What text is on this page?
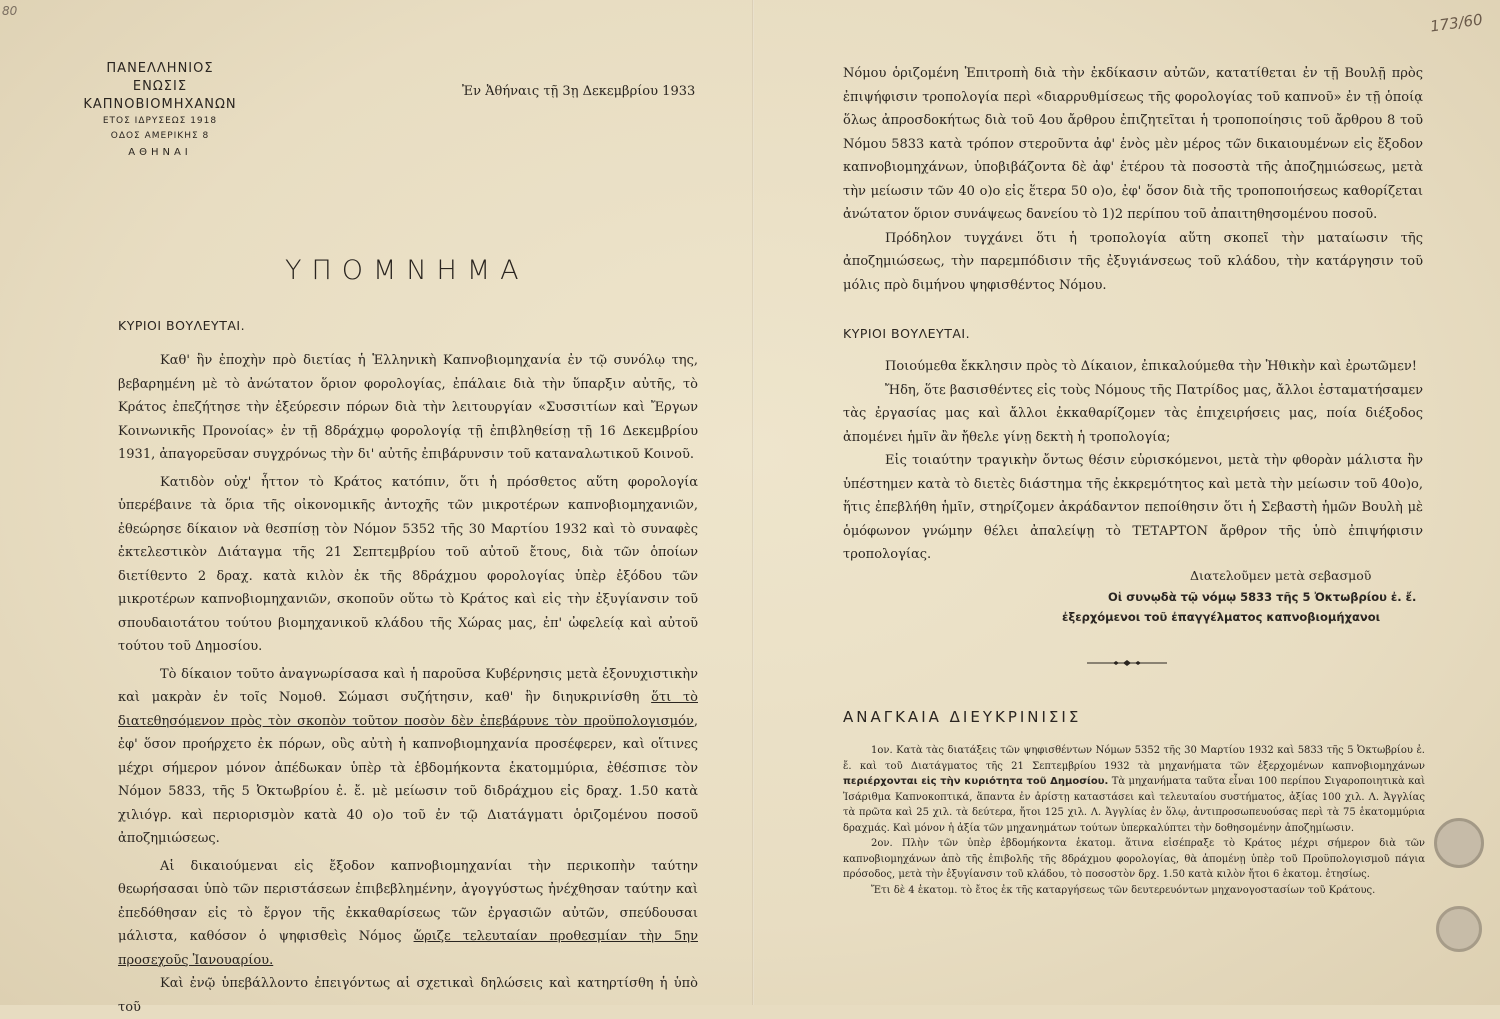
80	173/60
ΠΑΝΕΛΛΗΝΙΟΣ
ΕΝΩΣΙΣ ΚΑΠΝΟΒΙΟΜΗΧΑΝΩΝ
ΕΤΟΣ ΙΔΡΥΣΕΩΣ 1918
ΟΔΟΣ ΑΜΕΡΙΚΗΣ 8
ΑΘΗΝΑΙ
Ἐν Ἀθήναις τῇ 3ῃ Δεκεμβρίου 1933
ΥΠΟΜΝΗΜΑ
ΚΥΡΙΟΙ ΒΟΥΛΕΥΤΑΙ.

Καθ' ἣν ἐποχὴν πρὸ διετίας ἡ Ἑλληνικὴ Καπνοβιομηχανία ἐν τῷ συνόλῳ της, βεβαρημένη μὲ τὸ ἀνώτατον ὅριον φορολογίας, ἐπάλαιε διὰ τὴν ὕπαρξιν αὐτῆς, τὸ Κράτος ἐπεζήτησε τὴν ἐξεύρεσιν πόρων διὰ τὴν λειτουργίαν «Συσσιτίων καὶ Ἔργων Κοινωνικῆς Προνοίας» ἐν τῇ 8δράχμῳ φορολογίᾳ τῇ ἐπιβληθείσῃ τῇ 16 Δεκεμβρίου 1931, ἀπαγορεῦσαν συγχρόνως τὴν δι' αὐτῆς ἐπιβάρυνσιν τοῦ καταναλωτικοῦ Κοινοῦ.

Κατιδὸν οὐχ' ἧττον τὸ Κράτος κατόπιν, ὅτι ἡ πρόσθετος αὕτη φορολογία ὑπερέβαινε τὰ ὅρια τῆς οἰκονομικῆς ἀντοχῆς τῶν μικροτέρων καπνοβιομηχανιῶν, ἐθεώρησε δίκαιον νὰ θεσπίσῃ τὸν Νόμον 5352 τῆς 30 Μαρτίου 1932 καὶ τὸ συναφὲς ἐκτελεστικὸν Διάταγμα τῆς 21 Σεπτεμβρίου τοῦ αὐτοῦ ἔτους, διὰ τῶν ὁποίων διετίθεντο 2 δραχ. κατὰ κιλὸν ἐκ τῆς 8δράχμου φορολογίας ὑπὲρ ἐξόδου τῶν μικροτέρων καπνοβιομηχανιῶν, σκοποῦν οὕτω τὸ Κράτος καὶ εἰς τὴν ἐξυγίανσιν τοῦ σπουδαιοτάτου τούτου βιομηχανικοῦ κλάδου τῆς Χώρας μας, ἐπ' ὠφελείᾳ καὶ αὐτοῦ τούτου τοῦ Δημοσίου.

Τὸ δίκαιον τοῦτο ἀναγνωρίσασα καὶ ἡ παροῦσα Κυβέρνησις μετὰ ἐξονυχιστικὴν καὶ μακρὰν ἐν τοῖς Νομοθ. Σώμασι συζήτησιν, καθ' ἣν διηυκρινίσθη ὅτι τὸ διατεθησόμενον πρὸς τὸν σκοπὸν τοῦτον ποσὸν δὲν ἐπεβάρυνε τὸν προϋπολογισμόν, ἐφ' ὅσον προήρχετο ἐκ πόρων, οὓς αὐτὴ ἡ καπνοβιομηχανία προσέφερεν, καὶ οἵτινες μέχρι σήμερον μόνον ἀπέδωκαν ὑπὲρ τὰ ἑβδομήκοντα ἑκατομμύρια, ἐθέσπισε τὸν Νόμον 5833, τῆς 5 Ὀκτωβρίου ἐ. ἔ. μὲ μείωσιν τοῦ διδράχμου εἰς δραχ. 1.50 κατὰ χιλιόγρ. καὶ περιορισμὸν κατὰ 40 ο)ο τοῦ ἐν τῷ Διατάγματι ὁριζομένου ποσοῦ ἀποζημιώσεως.

Αἱ δικαιούμεναι εἰς ἔξοδον καπνοβιομηχανίαι τὴν περικοπὴν ταύτην θεωρήσασαι ὑπὸ τῶν περιστάσεων ἐπιβεβλημένην, ἀγογγύστως ἠνέχθησαν ταύτην καὶ ἐπεδόθησαν εἰς τὸ ἔργον τῆς ἐκκαθαρίσεως τῶν ἐργασιῶν αὐτῶν, σπεύδουσαι μάλιστα, καθόσον ὁ ψηφισθεὶς Νόμος ὥριζε τελευταίαν προθεσμίαν τὴν 5ην προσεχοῦς Ἰανουαρίου.

Καὶ ἐνῷ ὑπεβάλλοντο ἐπειγόντως αἱ σχετικαὶ δηλώσεις καὶ κατηρτίσθη ἡ ὑπὸ τοῦ

Νόμου ὁριζομένη Ἐπιτροπὴ διὰ τὴν ἐκδίκασιν αὐτῶν, κατατίθεται ἐν τῇ Βουλῇ πρὸς ἐπιψήφισιν τροπολογία περὶ «διαρρυθμίσεως τῆς φορολογίας τοῦ καπνοῦ» ἐν τῇ ὁποίᾳ ὅλως ἀπροσδοκήτως διὰ τοῦ 4ου ἄρθρου ἐπιζητεῖται ἡ τροποποίησις τοῦ ἄρθρου 8 τοῦ Νόμου 5833 κατὰ τρόπον στεροῦντα ἀφ' ἑνὸς μὲν μέρος τῶν δικαιουμένων εἰς ἔξοδον καπνοβιομηχάνων, ὑποβιβάζοντα δὲ ἀφ' ἑτέρου τὰ ποσοστὰ τῆς ἀποζημιώσεως, μετὰ τὴν μείωσιν τῶν 40 ο)ο εἰς ἕτερα 50 ο)ο, ἐφ' ὅσον διὰ τῆς τροποποιήσεως καθορίζεται ἀνώτατον ὅριον συνάψεως δανείου τὸ 1)2 περίπου τοῦ ἀπαιτηθησομένου ποσοῦ.

Πρόδηλον τυγχάνει ὅτι ἡ τροπολογία αὕτη σκοπεῖ τὴν ματαίωσιν τῆς ἀποζημιώσεως, τὴν παρεμπόδισιν τῆς ἐξυγιάνσεως τοῦ κλάδου, τὴν κατάργησιν τοῦ μόλις πρὸ διμήνου ψηφισθέντος Νόμου.

ΚΥΡΙΟΙ ΒΟΥΛΕΥΤΑΙ.

Ποιούμεθα ἔκκλησιν πρὸς τὸ Δίκαιον, ἐπικαλούμεθα τὴν Ἠθικὴν καὶ ἐρωτῶμεν!

Ἤδη, ὅτε βασισθέντες εἰς τοὺς Νόμους τῆς Πατρίδος μας, ἄλλοι ἐσταματήσαμεν τὰς ἐργασίας μας καὶ ἄλλοι ἐκκαθαρίζομεν τὰς ἐπιχειρήσεις μας, ποία διέξοδος ἀπομένει ἡμῖν ἂν ἤθελε γίνῃ δεκτὴ ἡ τροπολογία;

Εἰς τοιαύτην τραγικὴν ὄντως θέσιν εὑρισκόμενοι, μετὰ τὴν φθορὰν μάλιστα ἣν ὑπέστημεν κατὰ τὸ διετὲς διάστημα τῆς ἐκκρεμότητος καὶ μετὰ τὴν μείωσιν τοῦ 40ο)ο, ἥτις ἐπεβλήθη ἡμῖν, στηρίζομεν ἀκράδαντον πεποίθησιν ὅτι ἡ Σεβαστὴ ἡμῶν Βουλὴ μὲ ὁμόφωνον γνώμην θέλει ἀπαλείψῃ τὸ ΤΕΤΑΡΤΟΝ ἄρθρον τῆς ὑπὸ ἐπιψήφισιν τροπολογίας.

Διατελοῦμεν μετὰ σεβασμοῦ
Οἱ συνῳδὰ τῷ νόμῳ 5833 τῆς 5 Ὀκτωβρίου ἐ. ἔ.
ἐξερχόμενοι τοῦ ἐπαγγέλματος καπνοβιομήχανοι
ΑΝΑΓΚΑΙΑ ΔΙΕΥΚΡΙΝΙΣΙΣ

1ον. Κατὰ τὰς διατάξεις τῶν ψηφισθέντων Νόμων 5352 τῆς 30 Μαρτίου 1932 καὶ 5833 τῆς 5 Ὀκτωβρίου ἐ. ἔ. καὶ τοῦ Διατάγματος τῆς 21 Σεπτεμβρίου 1932 τὰ μηχανήματα τῶν ἐξερχομένων καπνοβιομηχάνων περιέρχονται εἰς τὴν κυριότητα τοῦ Δημοσίου. Τὰ μηχανήματα ταῦτα εἶναι 100 περίπου Σιγαροποιητικὰ καὶ Ἰσάριθμα Καπνοκοπτικά, ἅπαντα ἐν ἀρίστῃ καταστάσει καὶ τελευταίου συστήματος, ἀξίας 100 χιλ. Λ. Ἀγγλίας τὰ πρῶτα καὶ 25 χιλ. τὰ δεύτερα, ἤτοι 125 χιλ. Λ. Ἀγγλίας ἐν ὅλῳ, ἀντιπροσωπευούσας περὶ τὰ 75 ἑκατομμύρια δραχμάς. Καὶ μόνον ἡ ἀξία τῶν μηχανημάτων τούτων ὑπερκαλύπτει τὴν δοθησομένην ἀποζημίωσιν.

2ον. Πλὴν τῶν ὑπὲρ ἑβδομήκοντα ἑκατομ. ἅτινα εἰσέπραξε τὸ Κράτος μέχρι σήμερον διὰ τῶν καπνοβιομηχάνων ἀπὸ τῆς ἐπιβολῆς τῆς 8δράχμου φορολογίας, θὰ ἀπομένῃ ὑπὲρ τοῦ Προϋπολογισμοῦ πάγια πρόσοδος, μετὰ τὴν ἐξυγίανσιν τοῦ κλάδου, τὸ ποσοστὸν δρχ. 1.50 κατὰ κιλὸν ἤτοι 6 ἑκατομ. ἐτησίως.

Ἔτι δὲ 4 ἑκατομ. τὸ ἔτος ἐκ τῆς καταργήσεως τῶν δευτερευόντων μηχανογοστασίων τοῦ Κράτους.
